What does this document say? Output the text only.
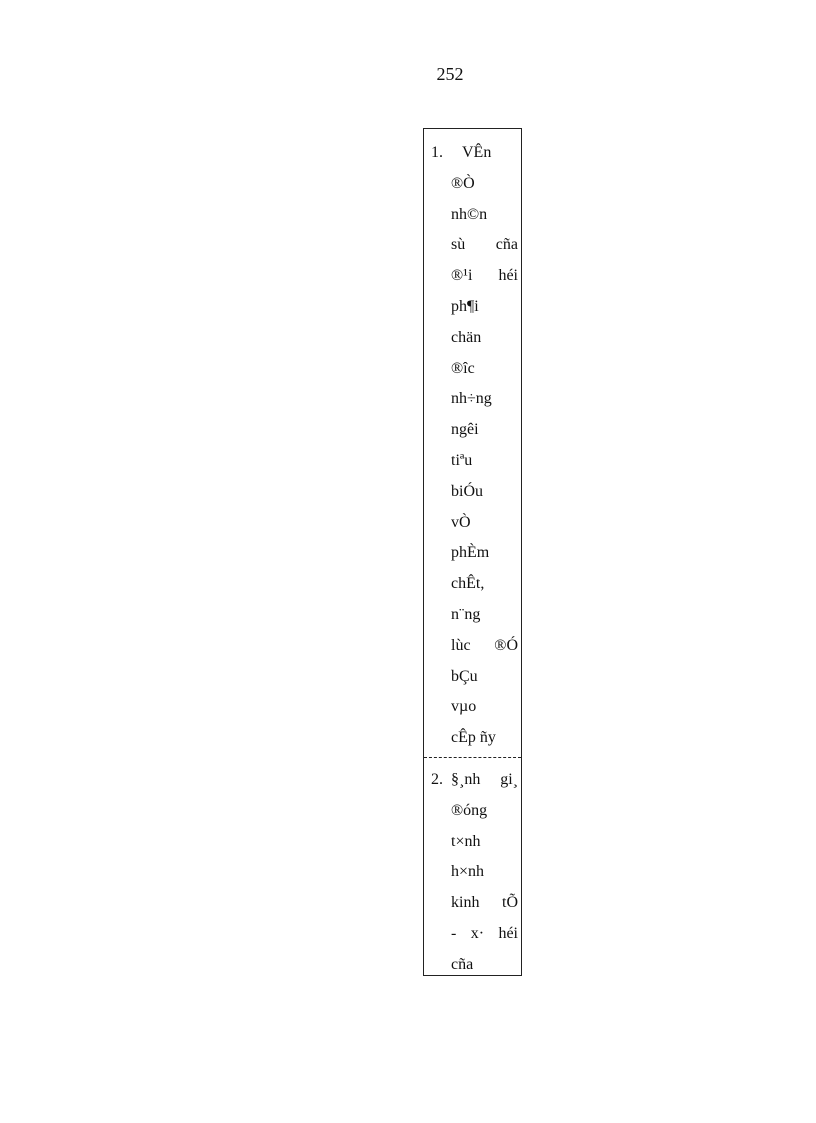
252
1. VÊn
®Ò
nh©n
sù cña
®¹i héi
ph¶i
chän
®îc
nh÷ng
ngêi
tiªu
biÓu
vÒ
phÈm
chÊt,
n¨ng
lùc ®Ó
bÇu
vµo
cÊp ñy
2. §¸nh gi¸
®óng
t×nh
h×nh
kinh tÕ
- x· héi
cña
